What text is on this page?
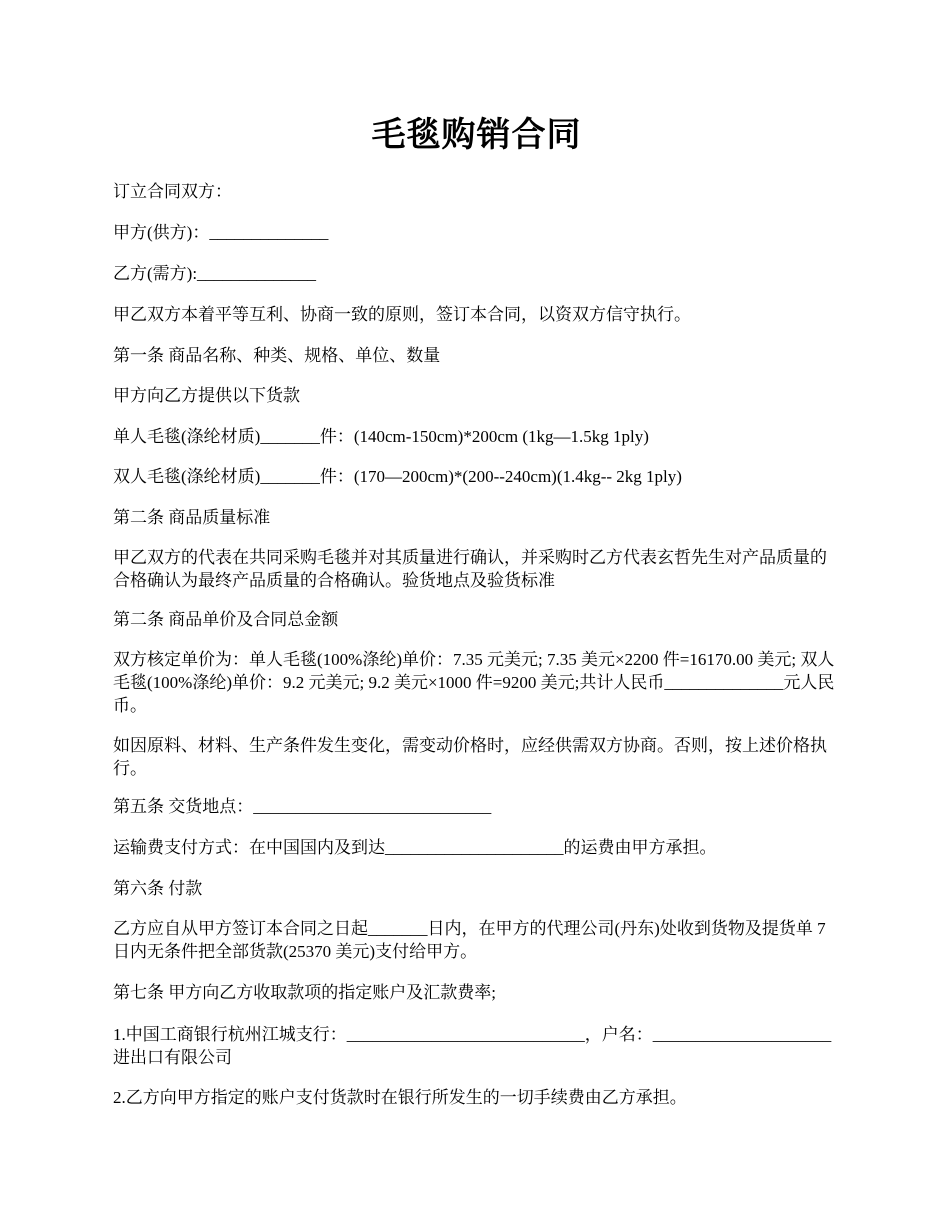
毛毯购销合同

订立合同双方：

甲方(供方)：______________

乙方(需方):______________

甲乙双方本着平等互利、协商一致的原则，签订本合同，以资双方信守执行。

第一条 商品名称、种类、规格、单位、数量

甲方向乙方提供以下货款

单人毛毯(涤纶材质)_______件：(140cm-150cm)*200cm (1kg—1.5kg 1ply)

双人毛毯(涤纶材质)_______件：(170—200cm)*(200--240cm)(1.4kg-- 2kg 1ply)

第二条 商品质量标准

甲乙双方的代表在共同采购毛毯并对其质量进行确认，并采购时乙方代表玄哲先生对产品质量的合格确认为最终产品质量的合格确认。验货地点及验货标准

第二条 商品单价及合同总金额

双方核定单价为：单人毛毯(100%涤纶)单价：7.35 元美元; 7.35 美元×2200 件=16170.00 美元; 双人毛毯(100%涤纶)单价：9.2 元美元; 9.2 美元×1000 件=9200 美元;共计人民币______________元人民币。

如因原料、材料、生产条件发生变化，需变动价格时，应经供需双方协商。否则，按上述价格执行。

第五条 交货地点：____________________________

运输费支付方式：在中国国内及到达_____________________的运费由甲方承担。

第六条 付款

乙方应自从甲方签订本合同之日起_______日内，在甲方的代理公司(丹东)处收到货物及提货单 7 日内无条件把全部货款(25370 美元)支付给甲方。

第七条 甲方向乙方收取款项的指定账户及汇款费率;

1.中国工商银行杭州江城支行：____________________________，户名：_____________________进出口有限公司

2.乙方向甲方指定的账户支付货款时在银行所发生的一切手续费由乙方承担。
